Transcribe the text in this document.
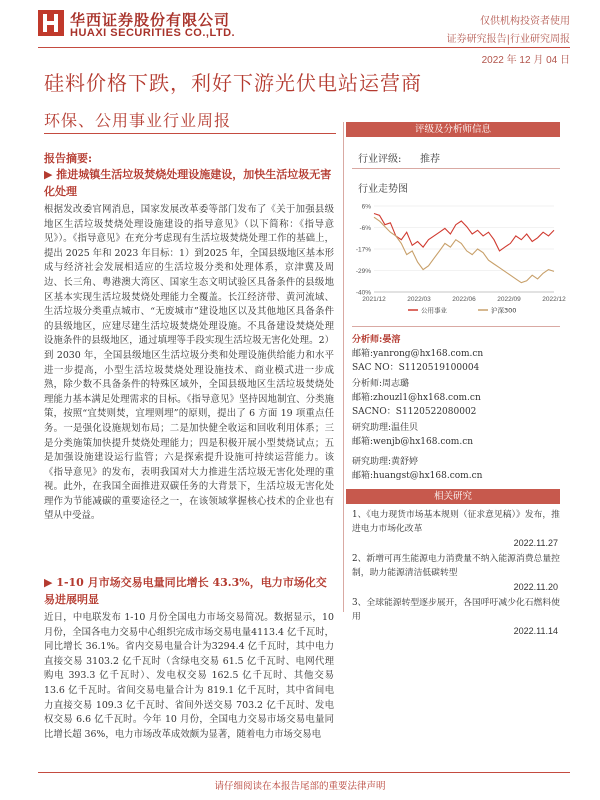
华西证券股份有限公司
HUAXI SECURITIES CO.,LTD.
仅供机构投资者使用
证券研究报告|行业研究周报
2022 年 12 月 04 日
硅料价格下跌，利好下游光伏电站运营商
环保、公用事业行业周报
报告摘要:
▶ 推进城镇生活垃圾焚烧处理设施建设，加快生活垃圾无害化处理

根据发改委官网消息，国家发展改革委等部门发布了《关于加强县级地区生活垃圾焚烧处理设施建设的指导意见》（以下简称：《指导意见》）。《指导意见》在充分考虑现有生活垃圾焚烧处理工作的基础上，提出 2025 年和 2023 年目标：1）到2025 年，全国县级地区基本形成与经济社会发展相适应的生活垃圾分类和处理体系，京津冀及周边、长三角、粤港澳大湾区、国家生态文明试验区具备条件的县级地区基本实现生活垃圾焚烧处理能力全覆盖。长江经济带、黄河流域、生活垃圾分类重点城市、“无废城市”建设地区以及其他地区具备条件的县级地区，应建尽建生活垃圾焚烧处理设施。不具备建设焚烧处理设施条件的县级地区，通过填埋等手段实现生活垃圾无害化处理。2）到 2030 年，全国县级地区生活垃圾分类和处理设施供给能力和水平进一步提高，小型生活垃圾焚烧处理设施技术、商业模式进一步成熟，除少数不具备条件的特殊区域外，全国县级地区生活垃圾焚烧处理能力基本满足处理需求的目标。《指导意见》坚持因地制宜、分类施策，按照“宜焚则焚，宜埋则埋”的原则，提出了 6 方面 19 项重点任务。一是强化设施规划布局；二是加快健全收运和回收利用体系；三是分类施策加快提升焚烧处理能力；四是积极开展小型焚烧试点；五是加强设施建设运行监管；六是探索提升设施可持续运营能力。该《指导意见》的发布，表明我国对大力推进生活垃圾无害化处理的重视。此外，在我国全面推进双碳任务的大背景下，生活垃圾无害化处理作为节能减碳的重要途径之一，在该领域掌握核心技术的企业也有望从中受益。

▶ 1-10 月市场交易电量同比增长 43.3%，电力市场化交易进展明显

近日，中电联发布 1-10 月份全国电力市场交易简况。数据显示，10 月份，全国各电力交易中心组织完成市场交易电量4113.4 亿千瓦时，同比增长 36.1%。省内交易电量合计为3294.4 亿千瓦时，其中电力直接交易 3103.2 亿千瓦时（含绿电交易 61.5 亿千瓦时、电网代理购电 393.3 亿千瓦时）、发电权交易 162.5 亿千瓦时、其他交易 13.6 亿千瓦时。省间交易电量合计为 819.1 亿千瓦时，其中省间电力直接交易 109.3 亿千瓦时、省间外送交易 703.2 亿千瓦时、发电权交易 6.6 亿千瓦时。今年 10 月份，全国电力交易市场交易电量同比增长超 36%，电力市场改革成效颇为显著，随着电力市场交易电

评级及分析师信息
行业评级: 推荐
行业走势图
6%
-6%
-17%
-29%
-40%
2021/12	2022/03	2022/06	2022/09	2022/12
公用事业	沪深300
分析师:晏溶
邮箱:yanrong@hx168.com.cn
SAC NO：S1120519100004
分析师:周志璐
邮箱:zhouzl1@hx168.com.cn
SACNO：S1120522080002
研究助理:温佳贝
邮箱:wenjb@hx168.com.cn
研究助理:黄舒婷
邮箱:huangst@hx168.com.cn
相关研究
1、《电力现货市场基本规则（征求意见稿）》发布，推进电力市场化改革
2022.11.27
2、新增可再生能源电力消费量不纳入能源消费总量控制，助力能源清洁低碳转型
2022.11.20
3、全球能源转型逐步展开，各国呼吁减少化石燃料使用
2022.11.14
请仔细阅读在本报告尾部的重要法律声明
